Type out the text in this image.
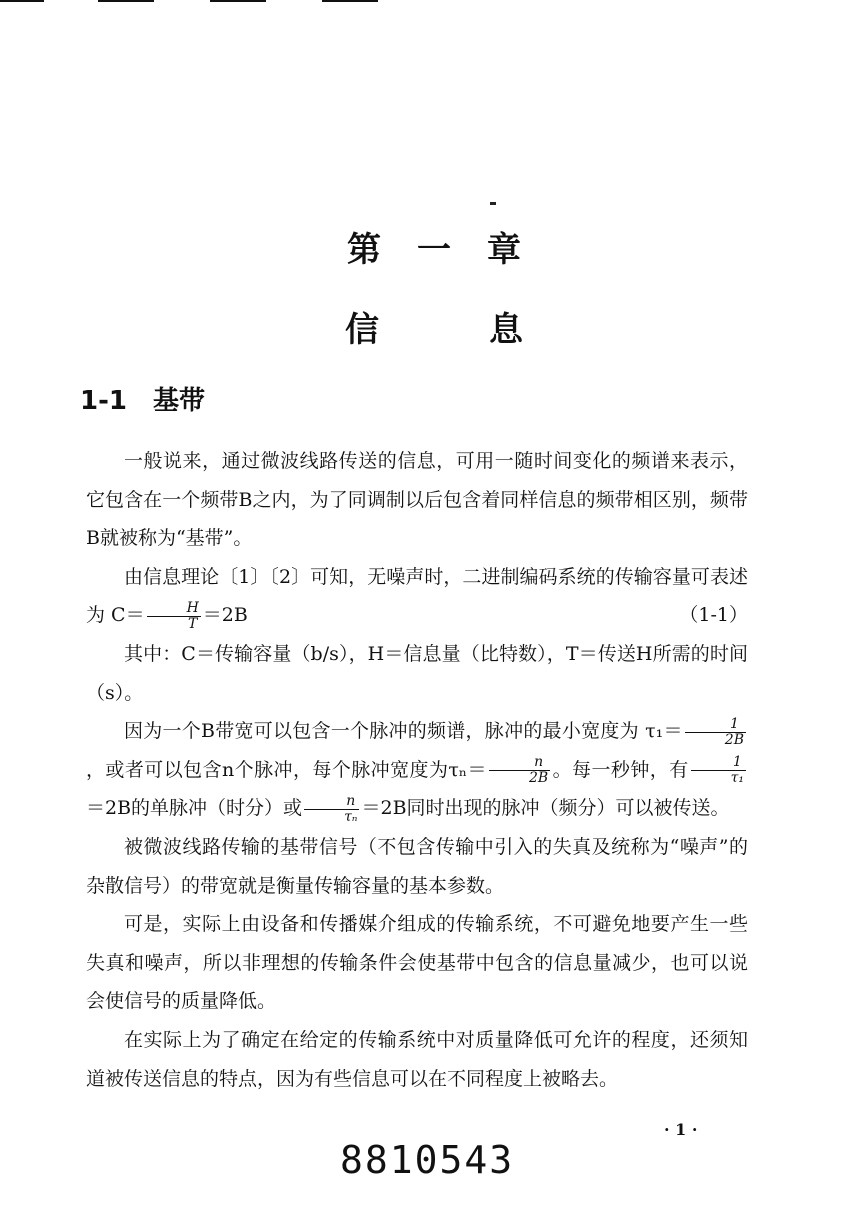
第一章
信息
1-1 基带

一般说来，通过微波线路传送的信息，可用一随时间变化的频谱来表示，它包含在一个频带B之内，为了同调制以后包含着同样信息的频带相区别，频带B就被称为“基带”。

由信息理论〔1〕〔2〕可知，无噪声时，二进制编码系统的传输容量可表述为 $C= \frac{H}{T} =2B$	（1-1）

其中：C＝传输容量（b/s），H＝信息量（比特数），T＝传送H所需的时间（s）。

因为一个B带宽可以包含一个脉冲的频谱，脉冲的最小宽度为 $\tau_1= \frac{1}{2B}$
，或者可以包含n个脉冲，每个脉冲宽度为$\tau_n= \frac{n}{2B}$ 。每一秒钟，有 $\frac{1}{\text{τ₁}}$
＝2B的单脉冲（时分）或 $\frac{n}{\text{τₙ}} =2B$同时出现的脉冲（频分）可以被传送。

被微波线路传输的基带信号（不包含传输中引入的失真及统称为“噪声”的杂散信号）的带宽就是衡量传输容量的基本参数。

可是，实际上由设备和传播媒介组成的传输系统，不可避免地要产生一些失真和噪声，所以非理想的传输条件会使基带中包含的信息量减少，也可以说会使信号的质量降低。

在实际上为了确定在给定的传输系统中对质量降低可允许的程度，还须知道被传送信息的特点，因为有些信息可以在不同程度上被略去。

· 1 ·
8810543
